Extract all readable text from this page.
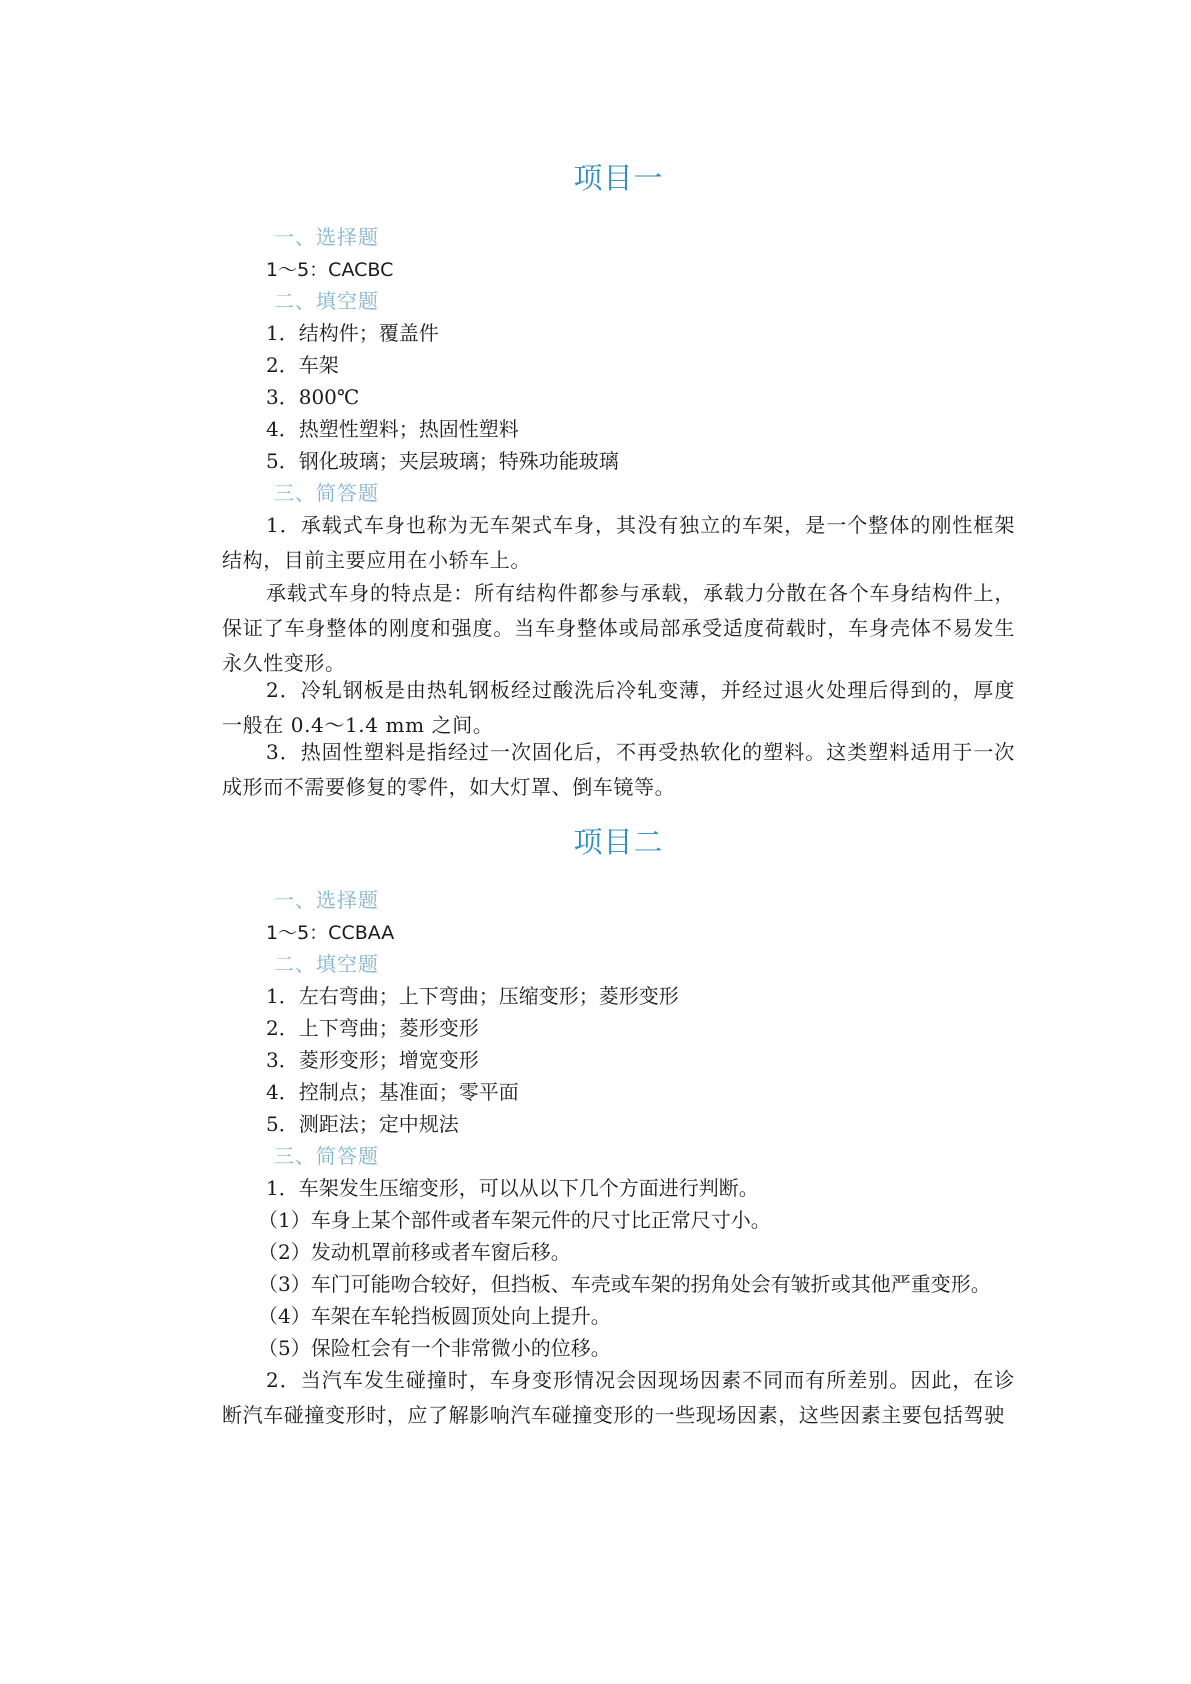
项目一
一、选择题
1～5：CACBC
二、填空题
1．结构件；覆盖件
2．车架
3．800℃
4．热塑性塑料；热固性塑料
5．钢化玻璃；夹层玻璃；特殊功能玻璃
三、简答题
1．承载式车身也称为无车架式车身，其没有独立的车架，是一个整体的刚性框架结构，目前主要应用在小轿车上。
承载式车身的特点是：所有结构件都参与承载，承载力分散在各个车身结构件上，保证了车身整体的刚度和强度。当车身整体或局部承受适度荷载时，车身壳体不易发生永久性变形。
2．冷轧钢板是由热轧钢板经过酸洗后冷轧变薄，并经过退火处理后得到的，厚度一般在 0.4～1.4 mm 之间。
3．热固性塑料是指经过一次固化后，不再受热软化的塑料。这类塑料适用于一次成形而不需要修复的零件，如大灯罩、倒车镜等。
项目二
一、选择题
1～5：CCBAA
二、填空题
1．左右弯曲；上下弯曲；压缩变形；菱形变形
2．上下弯曲；菱形变形
3．菱形变形；增宽变形
4．控制点；基准面；零平面
5．测距法；定中规法
三、简答题
1．车架发生压缩变形，可以从以下几个方面进行判断。
（1）车身上某个部件或者车架元件的尺寸比正常尺寸小。
（2）发动机罩前移或者车窗后移。
（3）车门可能吻合较好，但挡板、车壳或车架的拐角处会有皱折或其他严重变形。
（4）车架在车轮挡板圆顶处向上提升。
（5）保险杠会有一个非常微小的位移。
2．当汽车发生碰撞时，车身变形情况会因现场因素不同而有所差别。因此，在诊断汽车碰撞变形时，应了解影响汽车碰撞变形的一些现场因素，这些因素主要包括驾驶
